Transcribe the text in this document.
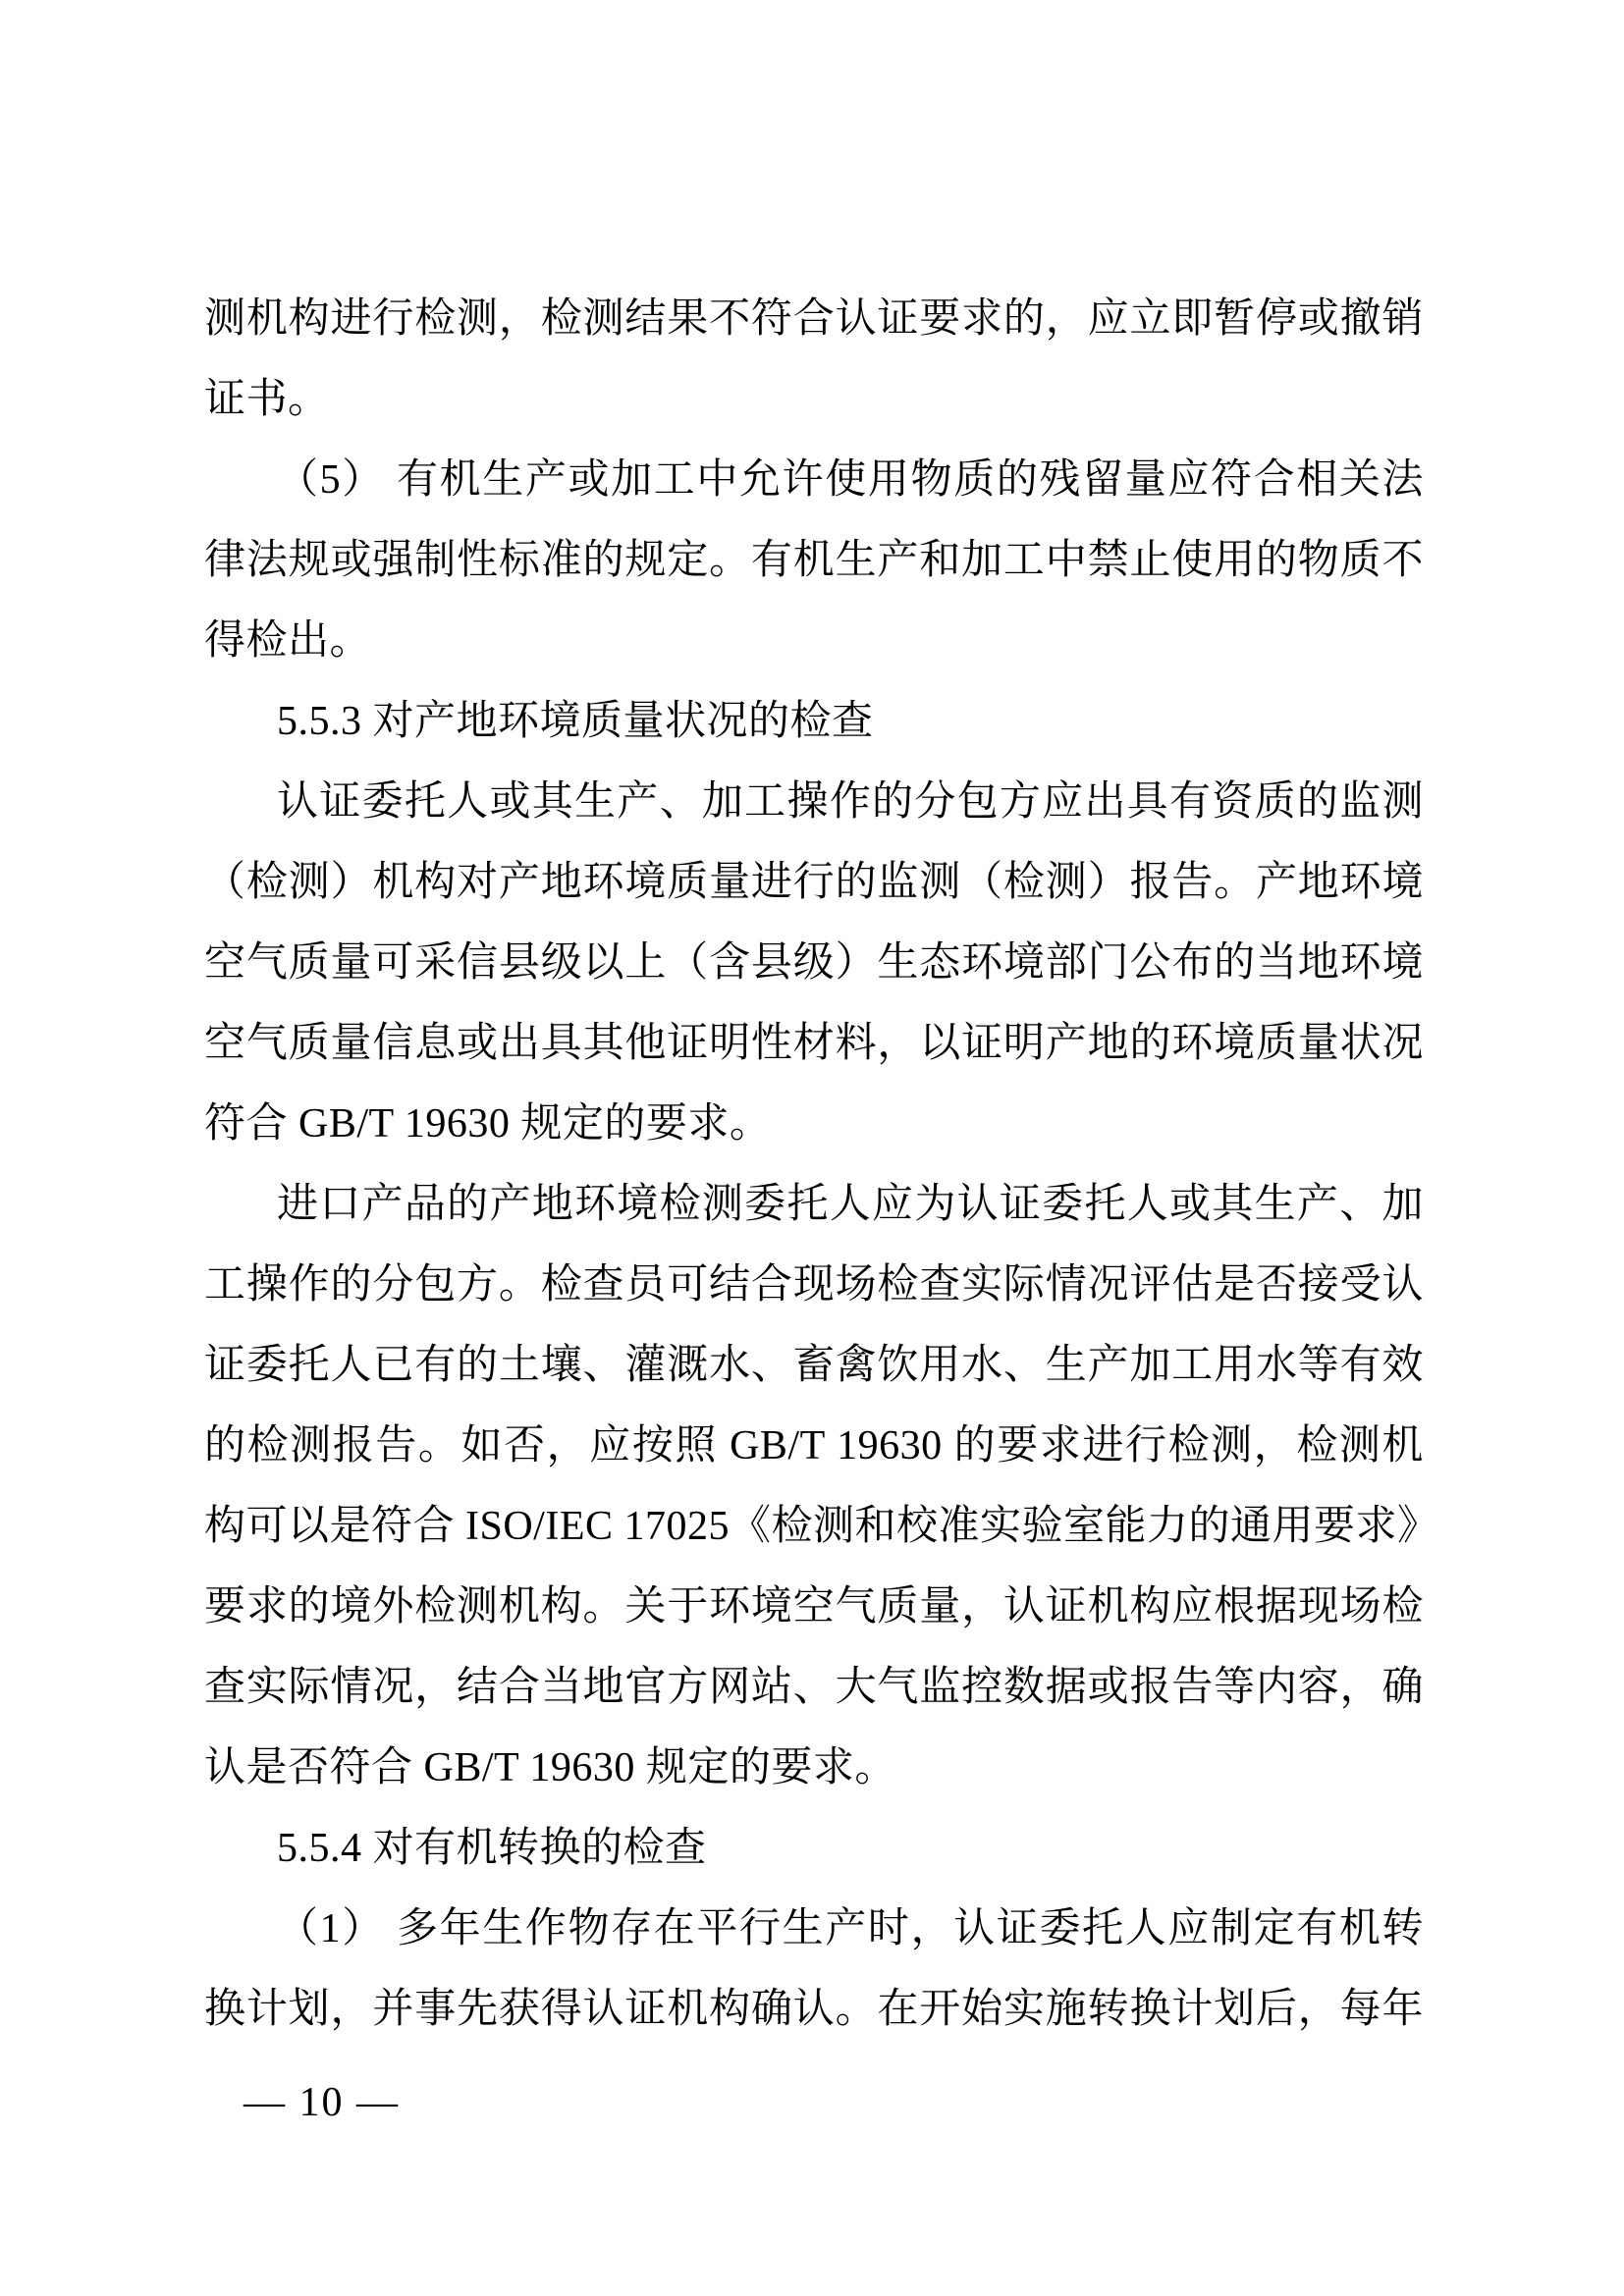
测机构进行检测，检测结果不符合认证要求的，应立即暂停或撤销
证书。
（5） 有机生产或加工中允许使用物质的残留量应符合相关法
律法规或强制性标准的规定。有机生产和加工中禁止使用的物质不
得检出。
5.5.3 对产地环境质量状况的检查
认证委托人或其生产、加工操作的分包方应出具有资质的监测
（检测）机构对产地环境质量进行的监测（检测）报告。产地环境
空气质量可采信县级以上（含县级）生态环境部门公布的当地环境
空气质量信息或出具其他证明性材料，以证明产地的环境质量状况
符合 GB/T 19630 规定的要求。
进口产品的产地环境检测委托人应为认证委托人或其生产、加
工操作的分包方。检查员可结合现场检查实际情况评估是否接受认
证委托人已有的土壤、灌溉水、畜禽饮用水、生产加工用水等有效
的检测报告。如否，应按照 GB/T 19630 的要求进行检测，检测机
构可以是符合 ISO/IEC 17025《检测和校准实验室能力的通用要求》
要求的境外检测机构。关于环境空气质量，认证机构应根据现场检
查实际情况，结合当地官方网站、大气监控数据或报告等内容，确
认是否符合 GB/T 19630 规定的要求。
5.5.4 对有机转换的检查
（1） 多年生作物存在平行生产时，认证委托人应制定有机转
换计划，并事先获得认证机构确认。在开始实施转换计划后，每年
— 10 —
